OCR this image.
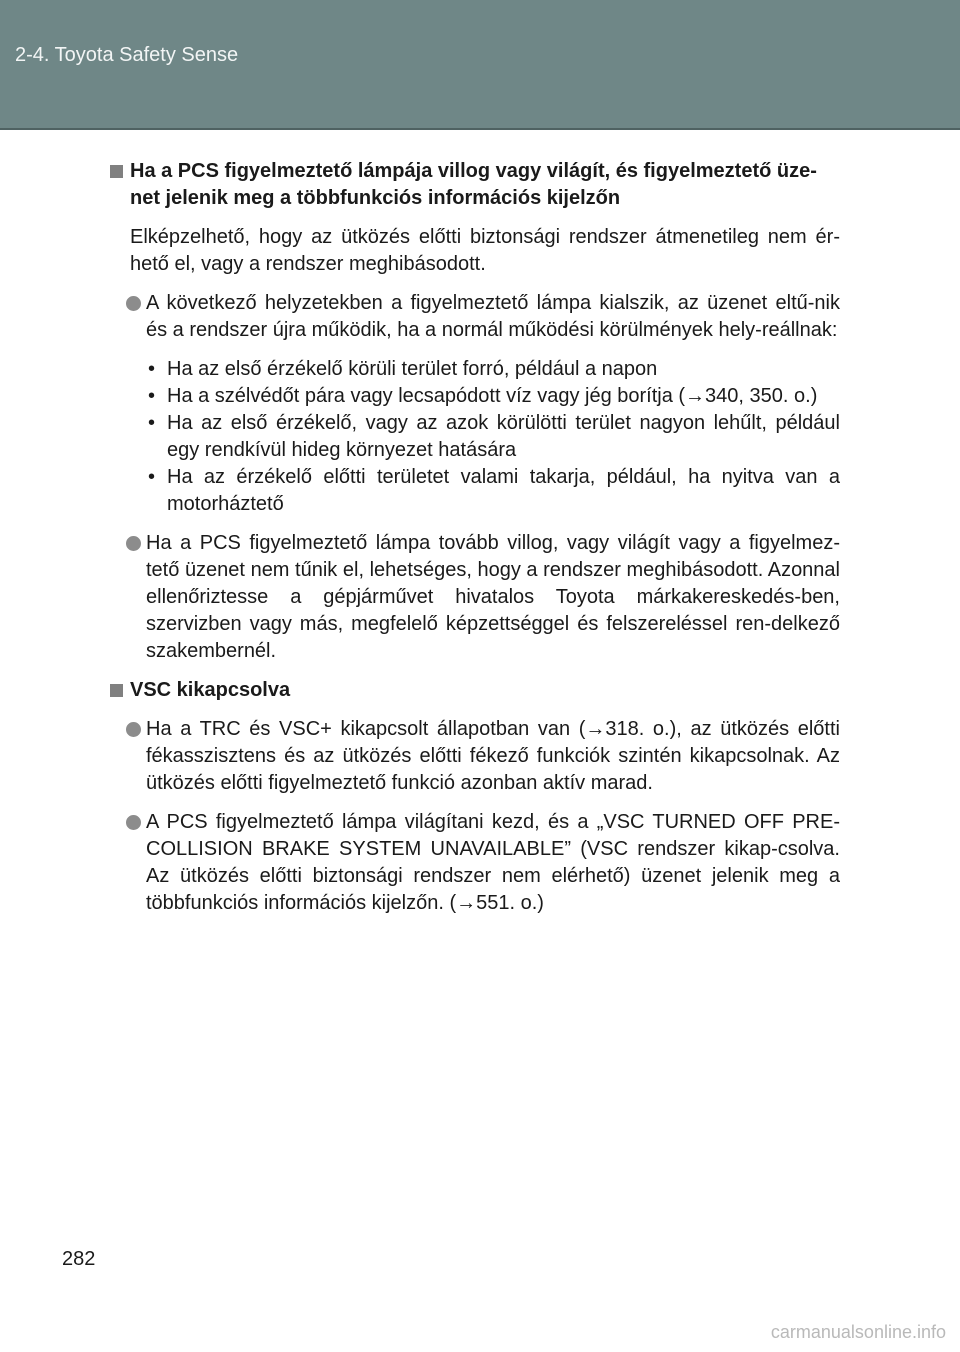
2-4. Toyota Safety Sense
Ha a PCS figyelmeztető lámpája villog vagy világít, és figyelmeztető üze-net jelenik meg a többfunkciós információs kijelzőn
Elképzelhető, hogy az ütközés előtti biztonsági rendszer átmenetileg nem ér-hető el, vagy a rendszer meghibásodott.
A következő helyzetekben a figyelmeztető lámpa kialszik, az üzenet eltű-nik és a rendszer újra működik, ha a normál működési körülmények hely-reállnak:
• Ha az első érzékelő körüli terület forró, például a napon
• Ha a szélvédőt pára vagy lecsapódott víz vagy jég borítja (→340, 350. o.)
• Ha az első érzékelő, vagy az azok körülötti terület nagyon lehűlt, például egy rendkívül hideg környezet hatására
• Ha az érzékelő előtti területet valami takarja, például, ha nyitva van a motorháztető
Ha a PCS figyelmeztető lámpa tovább villog, vagy világít vagy a figyelmez-tető üzenet nem tűnik el, lehetséges, hogy a rendszer meghibásodott. Azonnal ellenőriztesse a gépjárművet hivatalos Toyota márkakereskedés-ben, szervizben vagy más, megfelelő képzettséggel és felszereléssel ren-delkező szakembernél.
VSC kikapcsolva
Ha a TRC és VSC+ kikapcsolt állapotban van (→318. o.), az ütközés előtti fékasszisztens és az ütközés előtti fékező funkciók szintén kikapcsolnak. Az ütközés előtti figyelmeztető funkció azonban aktív marad.
A PCS figyelmeztető lámpa világítani kezd, és a „VSC TURNED OFF PRE-COLLISION BRAKE SYSTEM UNAVAILABLE” (VSC rendszer kikap-csolva. Az ütközés előtti biztonsági rendszer nem elérhető) üzenet jelenik meg a többfunkciós információs kijelzőn. (→551. o.)
282
carmanualsonline.info
